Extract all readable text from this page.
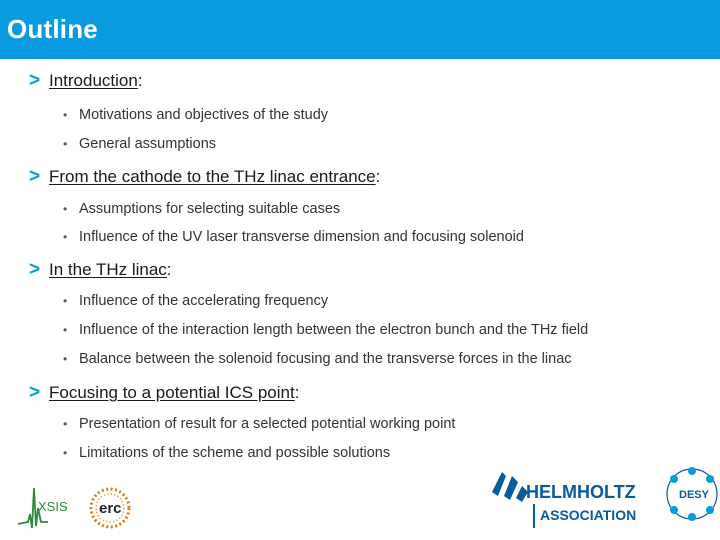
Outline
> Introduction:
• Motivations and objectives of the study
• General assumptions
> From the cathode to the THz linac entrance:
• Assumptions for selecting suitable cases
• Influence of the UV laser transverse dimension and focusing solenoid
> In the THz linac:
• Influence of the accelerating frequency
• Influence of the interaction length between the electron bunch and the THz field
• Balance between the solenoid focusing and the transverse forces in the linac
> Focusing to a potential ICS point:
• Presentation of result for a selected potential working point
• Limitations of the scheme and possible solutions
XSIS erc
HELMHOLTZ
ASSOCIATION
DESY
